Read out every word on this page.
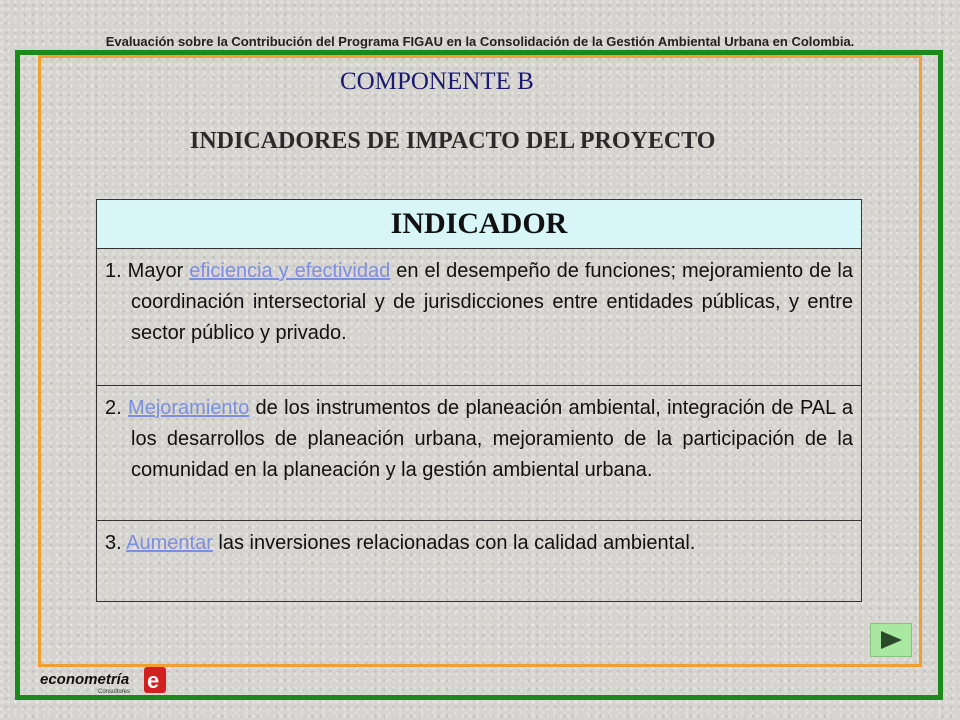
Evaluación sobre la Contribución del Programa FIGAU en la Consolidación de la Gestión Ambiental Urbana en Colombia.
COMPONENTE B
INDICADORES DE IMPACTO DEL PROYECTO
INDICADOR
1. Mayor eficiencia y efectividad en el desempeño de funciones; mejoramiento de la coordinación intersectorial y de jurisdicciones entre entidades públicas, y entre sector público y privado.
2. Mejoramiento de los instrumentos de planeación ambiental, integración de PAL a los desarrollos de planeación urbana, mejoramiento de la participación de la comunidad en la planeación y la gestión ambiental urbana.
3. Aumentar las inversiones relacionadas con la calidad ambiental.
econometría
Consultores e
